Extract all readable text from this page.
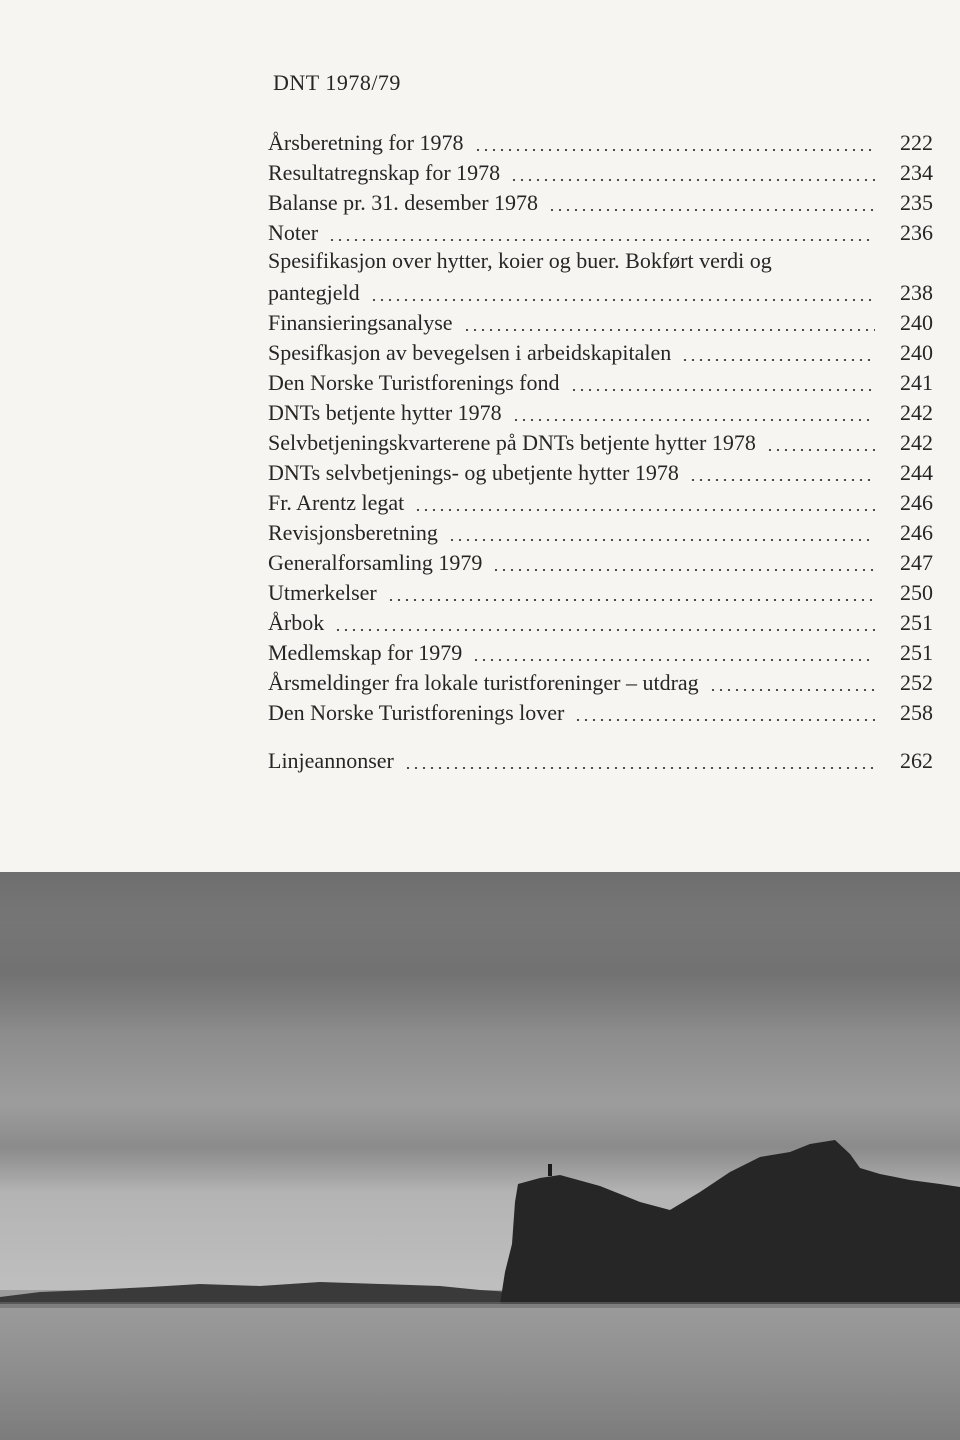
DNT 1978/79
Årsberetning for 1978	222
Resultatregnskap for 1978	234
Balanse pr. 31. desember 1978	235
Noter	236
Spesifikasjon over hytter, koier og buer. Bokført verdi og
pantegjeld	238
Finansieringsanalyse	240
Spesifkasjon av bevegelsen i arbeidskapitalen	240
Den Norske Turistforenings fond	241
DNTs betjente hytter 1978	242
Selvbetjeningskvarterene på DNTs betjente hytter 1978	242
DNTs selvbetjenings- og ubetjente hytter 1978	244
Fr. Arentz legat	246
Revisjonsberetning	246
Generalforsamling 1979	247
Utmerkelser	250
Årbok	251
Medlemskap for 1979	251
Årsmeldinger fra lokale turistforeninger – utdrag	252
Den Norske Turistforenings lover	258
Linjeannonser	262
